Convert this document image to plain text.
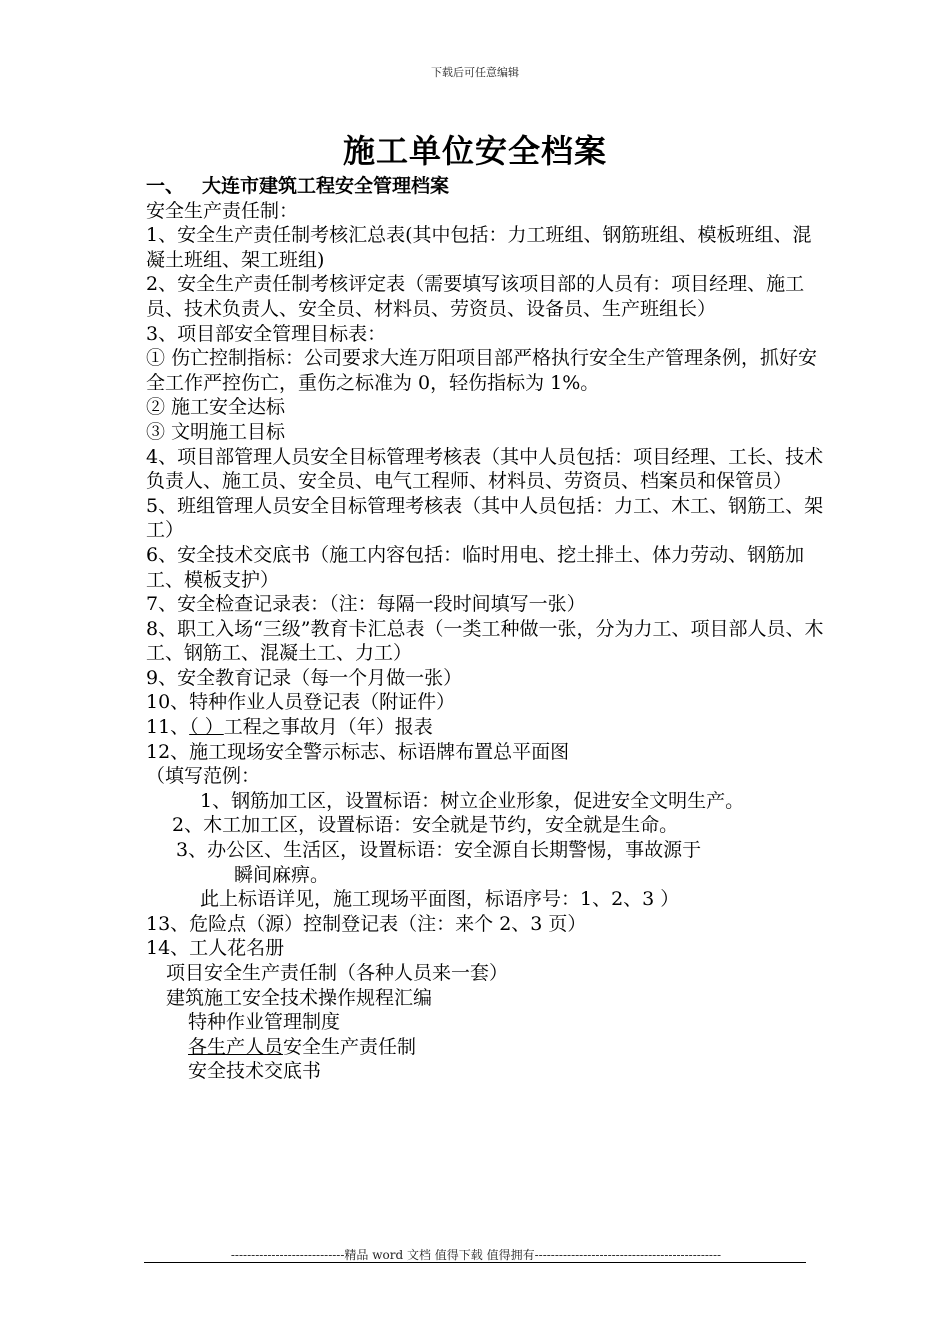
下载后可任意编辑
施工单位安全档案

一、 大连市建筑工程安全管理档案

安全生产责任制：

1、安全生产责任制考核汇总表(其中包括：力工班组、钢筋班组、模板班组、混凝土班组、架工班组)

2、安全生产责任制考核评定表（需要填写该项目部的人员有：项目经理、施工员、技术负责人、安全员、材料员、劳资员、设备员、生产班组长）

3、项目部安全管理目标表：

① 伤亡控制指标：公司要求大连万阳项目部严格执行安全生产管理条例，抓好安全工作严控伤亡，重伤之标准为 0，轻伤指标为 1%。

② 施工安全达标

③ 文明施工目标

4、项目部管理人员安全目标管理考核表（其中人员包括：项目经理、工长、技术负责人、施工员、安全员、电气工程师、材料员、劳资员、档案员和保管员）

5、班组管理人员安全目标管理考核表（其中人员包括：力工、木工、钢筋工、架工）

6、安全技术交底书（施工内容包括：临时用电、挖土排土、体力劳动、钢筋加工、模板支护）

7、安全检查记录表：（注：每隔一段时间填写一张）

8、职工入场“三级”教育卡汇总表（一类工种做一张，分为力工、项目部人员、木工、钢筋工、混凝土工、力工）

9、安全教育记录（每一个月做一张）

10、特种作业人员登记表（附证件）

11、（ ）工程之事故月（年）报表

12、施工现场安全警示标志、标语牌布置总平面图

（填写范例：

1、钢筋加工区，设置标语：树立企业形象，促进安全文明生产。

2、木工加工区，设置标语：安全就是节约，安全就是生命。

3、办公区、生活区，设置标语：安全源自长期警惕，事故源于

瞬间麻痹。

此上标语详见，施工现场平面图，标语序号：1、2、3 ）

13、危险点（源）控制登记表（注：来个 2、3 页）

14、工人花名册

项目安全生产责任制（各种人员来一套）

建筑施工安全技术操作规程汇编

特种作业管理制度

各生产人员安全生产责任制

安全技术交底书

----------------------------精品 word 文档 值得下载 值得拥有----------------------------------------------
